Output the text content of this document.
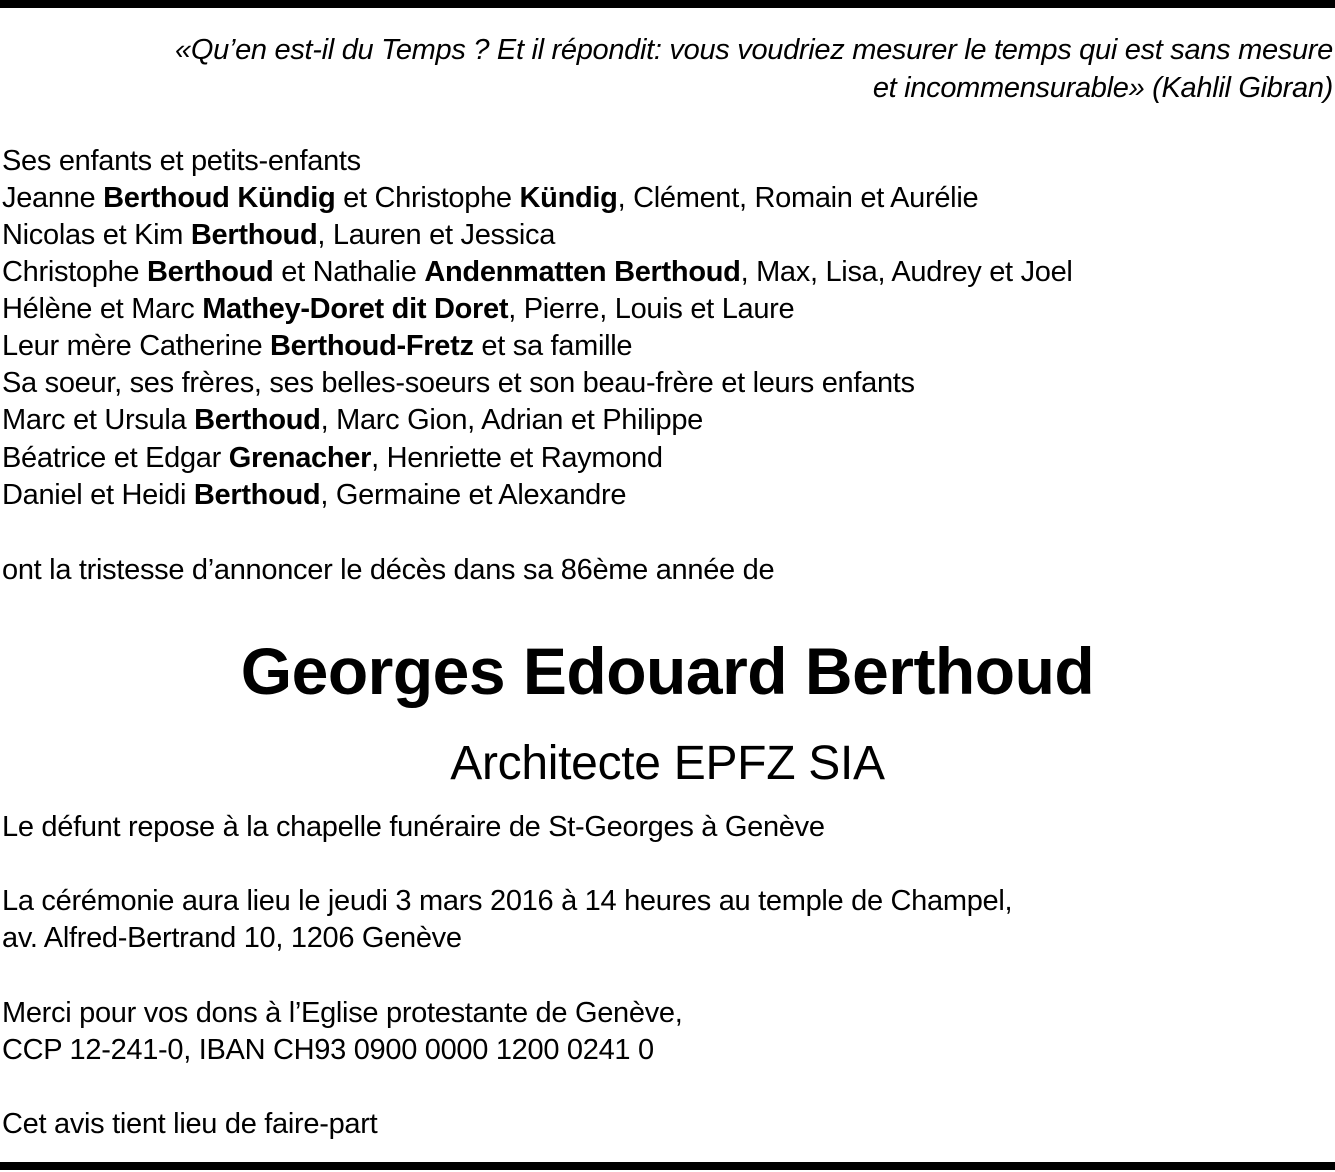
«Qu’en est-il du Temps ? Et il répondit: vous voudriez mesurer le temps qui est sans mesure
et incommensurable» (Kahlil Gibran)
Ses enfants et petits-enfants
Jeanne Berthoud Kündig et Christophe Kündig, Clément, Romain et Aurélie
Nicolas et Kim Berthoud, Lauren et Jessica
Christophe Berthoud et Nathalie Andenmatten Berthoud, Max, Lisa, Audrey et Joel
Hélène et Marc Mathey-Doret dit Doret, Pierre, Louis et Laure
Leur mère Catherine Berthoud-Fretz et sa famille
Sa soeur, ses frères, ses belles-soeurs et son beau-frère et leurs enfants
Marc et Ursula Berthoud, Marc Gion, Adrian et Philippe
Béatrice et Edgar Grenacher, Henriette et Raymond
Daniel et Heidi Berthoud, Germaine et Alexandre
ont la tristesse d’annoncer le décès dans sa 86ème année de
Georges Edouard Berthoud
Architecte EPFZ SIA
Le défunt repose à la chapelle funéraire de St-Georges à Genève
La cérémonie aura lieu le jeudi 3 mars 2016 à 14 heures au temple de Champel,
av. Alfred-Bertrand 10, 1206 Genève
Merci pour vos dons à l’Eglise protestante de Genève,
CCP 12-241-0, IBAN CH93 0900 0000 1200 0241 0
Cet avis tient lieu de faire-part
